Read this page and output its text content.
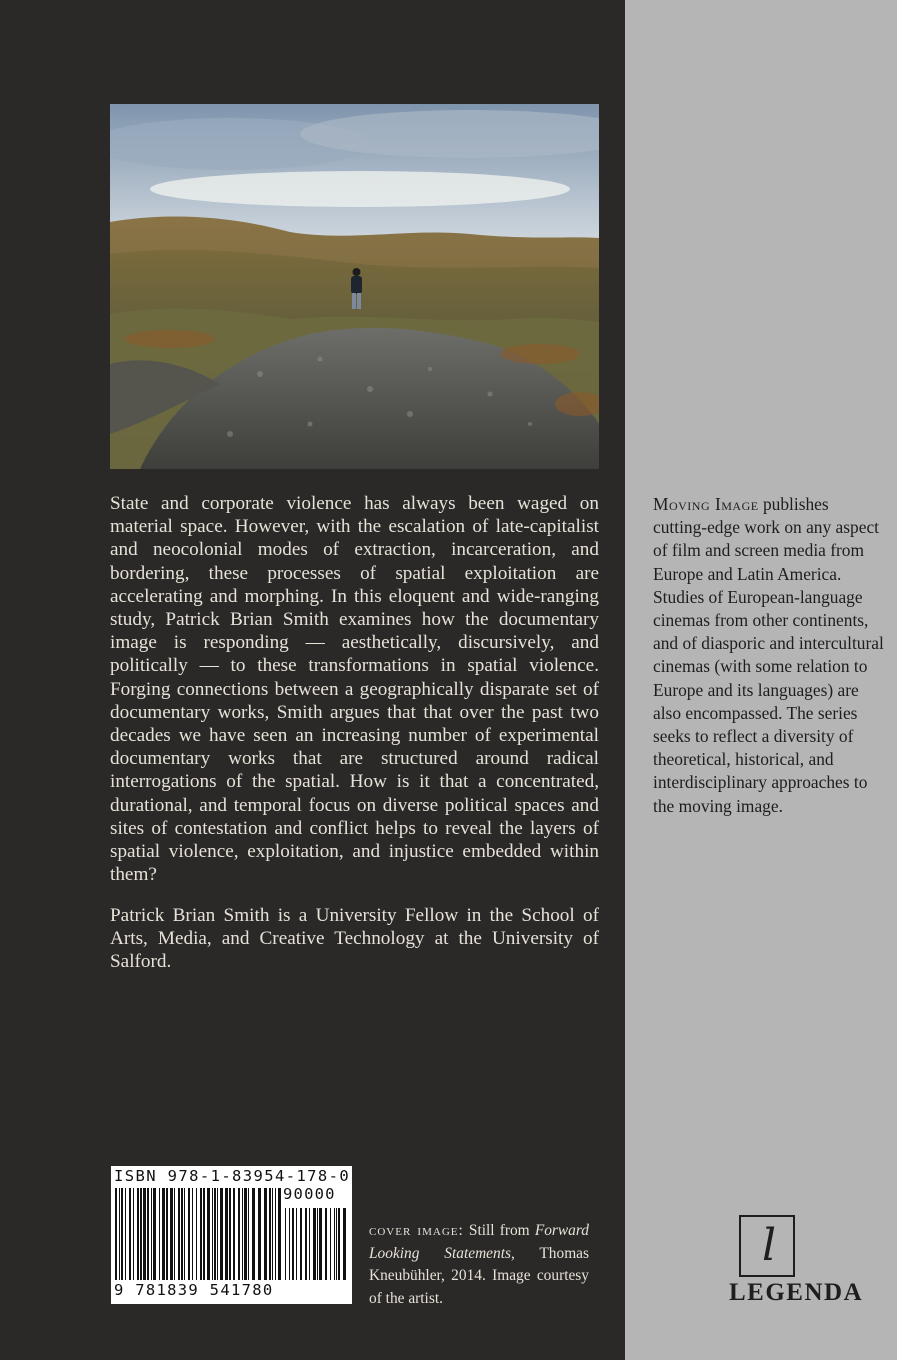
State and corporate violence has always been waged on material space. However, with the escalation of late-capitalist and neocolonial modes of extraction, incarceration, and bordering, these processes of spatial exploitation are accelerating and morphing. In this eloquent and wide-ranging study, Patrick Brian Smith examines how the documentary image is responding — aesthetically, discursively, and politically — to these transformations in spatial violence. Forging connections between a geographically disparate set of documentary works, Smith argues that that over the past two decades we have seen an increasing number of experimental documentary works that are structured around radical interrogations of the spatial. How is it that a concentrated, durational, and temporal focus on diverse political spaces and sites of contestation and conflict helps to reveal the layers of spatial violence, exploitation, and injustice embedded within them?

Patrick Brian Smith is a University Fellow in the School of Arts, Media, and Creative Technology at the University of Salford.

Moving Image publishes cutting-edge work on any aspect of film and screen media from Europe and Latin America. Studies of European-language cinemas from other continents, and of diasporic and intercultural cinemas (with some relation to Europe and its languages) are also encompassed. The series seeks to reflect a diversity of theoretical, historical, and interdisciplinary approaches to the moving image.

ISBN 978-1-83954-178-0
90000
9 781839 541780

cover image: Still from Forward Looking Statements, Thomas Kneubühler, 2014. Image courtesy of the artist.

l
LEGENDA
